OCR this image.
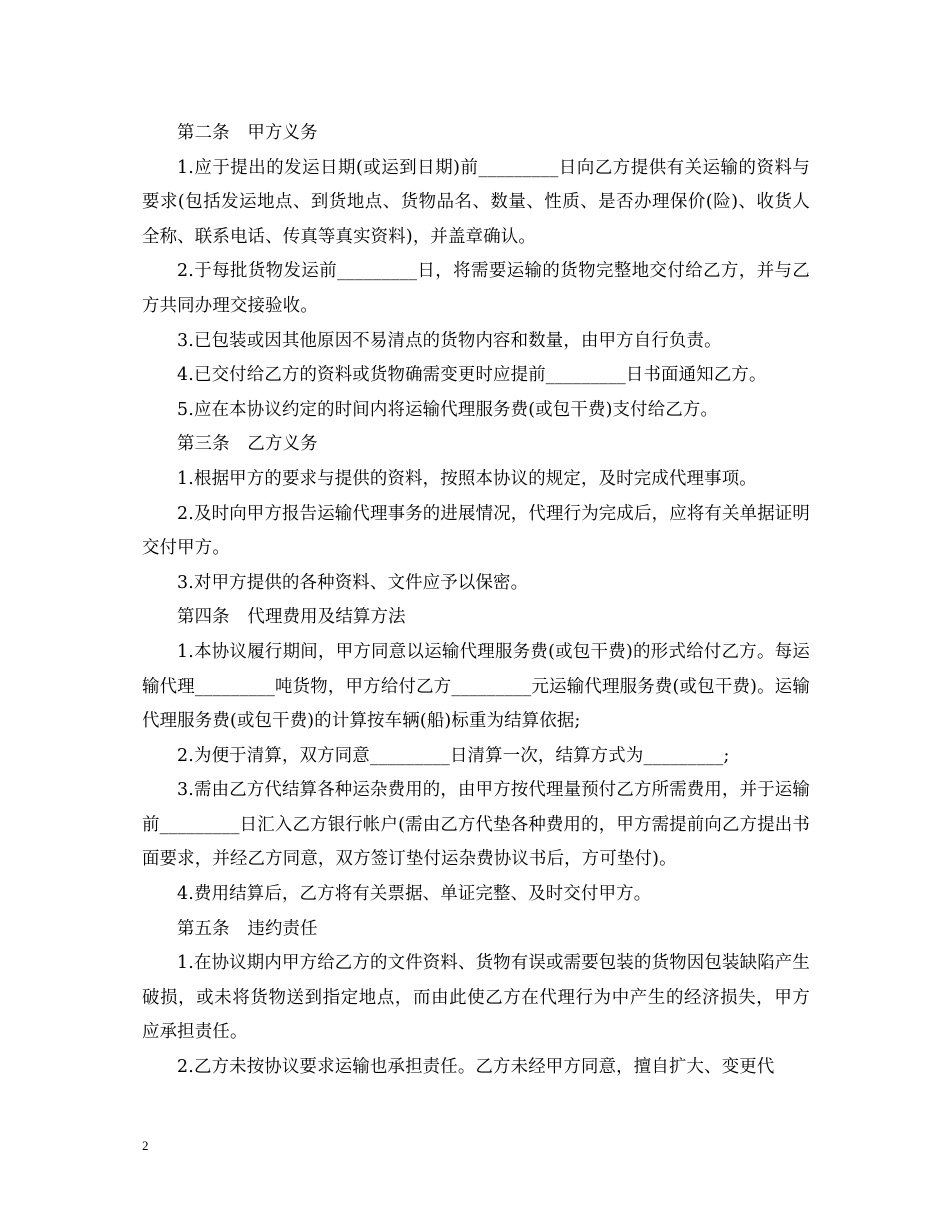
第二条　甲方义务

1.应于提出的发运日期(或运到日期)前_________日向乙方提供有关运输的资料与要求(包括发运地点、到货地点、货物品名、数量、性质、是否办理保价(险)、收货人全称、联系电话、传真等真实资料)，并盖章确认。

2.于每批货物发运前_________日，将需要运输的货物完整地交付给乙方，并与乙方共同办理交接验收。

3.已包装或因其他原因不易清点的货物内容和数量，由甲方自行负责。

4.已交付给乙方的资料或货物确需变更时应提前_________日书面通知乙方。

5.应在本协议约定的时间内将运输代理服务费(或包干费)支付给乙方。

第三条　乙方义务

1.根据甲方的要求与提供的资料，按照本协议的规定，及时完成代理事项。

2.及时向甲方报告运输代理事务的进展情况，代理行为完成后，应将有关单据证明交付甲方。

3.对甲方提供的各种资料、文件应予以保密。

第四条　代理费用及结算方法

1.本协议履行期间，甲方同意以运输代理服务费(或包干费)的形式给付乙方。每运输代理_________吨货物，甲方给付乙方_________元运输代理服务费(或包干费)。运输代理服务费(或包干费)的计算按车辆(船)标重为结算依据;

2.为便于清算，双方同意_________日清算一次，结算方式为_________;

3.需由乙方代结算各种运杂费用的，由甲方按代理量预付乙方所需费用，并于运输前_________日汇入乙方银行帐户(需由乙方代垫各种费用的，甲方需提前向乙方提出书面要求，并经乙方同意，双方签订垫付运杂费协议书后，方可垫付)。

4.费用结算后，乙方将有关票据、单证完整、及时交付甲方。

第五条　违约责任

1.在协议期内甲方给乙方的文件资料、货物有误或需要包装的货物因包装缺陷产生破损，或未将货物送到指定地点，而由此使乙方在代理行为中产生的经济损失，甲方应承担责任。

2.乙方未按协议要求运输也承担责任。乙方未经甲方同意，擅自扩大、变更代

2
